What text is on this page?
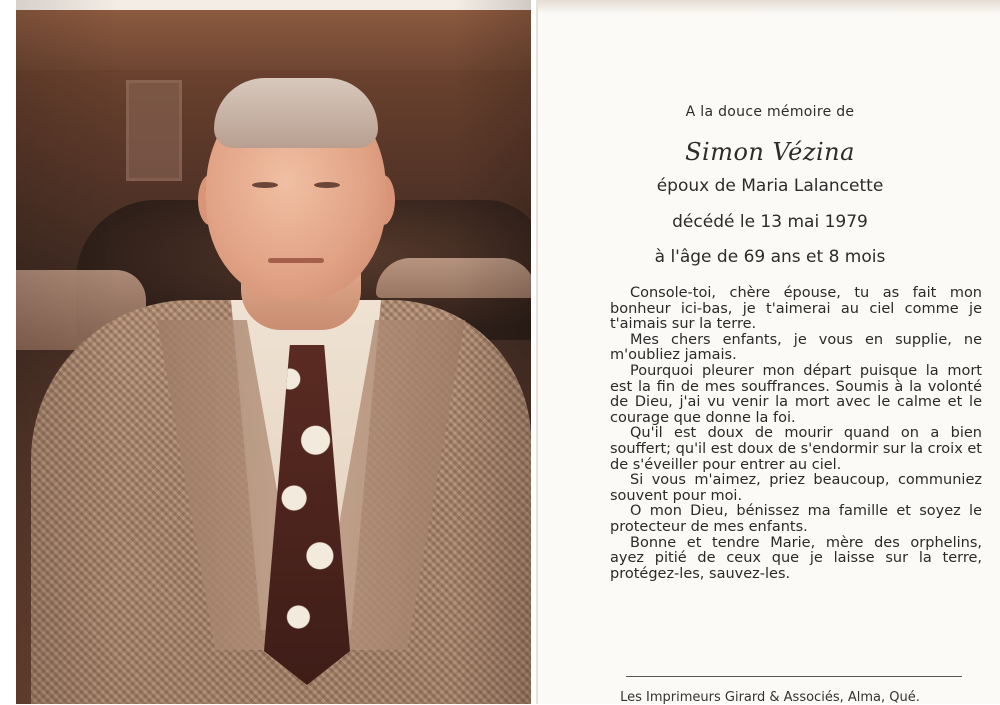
A la douce mémoire de

Simon Vézina

époux de Maria Lalancette

décédé le 13 mai 1979

à l'âge de 69 ans et 8 mois

Console-toi, chère épouse, tu as fait mon bonheur ici-bas, je t'aimerai au ciel comme je t'aimais sur la terre.

Mes chers enfants, je vous en supplie, ne m'oubliez jamais.

Pourquoi pleurer mon départ puisque la mort est la fin de mes souffrances. Soumis à la volonté de Dieu, j'ai vu venir la mort avec le calme et le courage que donne la foi.

Qu'il est doux de mourir quand on a bien souffert; qu'il est doux de s'endormir sur la croix et de s'éveiller pour entrer au ciel.

Si vous m'aimez, priez beaucoup, communiez souvent pour moi.

O mon Dieu, bénissez ma famille et soyez le protecteur de mes enfants.

Bonne et tendre Marie, mère des orphelins, ayez pitié de ceux que je laisse sur la terre, protégez-les, sauvez-les.

Les Imprimeurs Girard & Associés, Alma, Qué.
